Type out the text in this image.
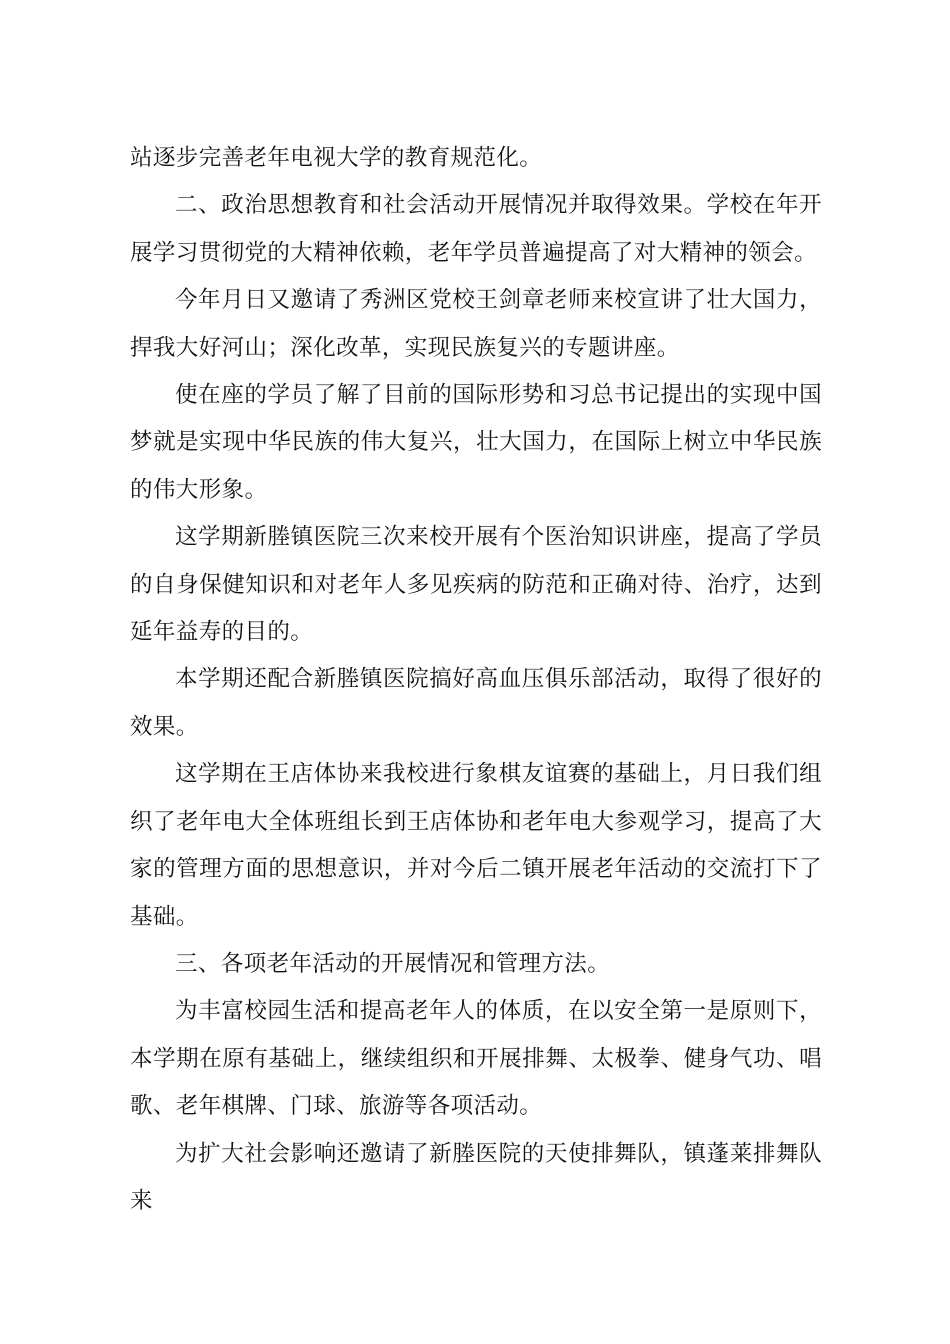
站逐步完善老年电视大学的教育规范化。

二、政治思想教育和社会活动开展情况并取得效果。学校在年开展学习贯彻党的大精神依赖，老年学员普遍提高了对大精神的领会。

今年月日又邀请了秀洲区党校王剑章老师来校宣讲了壮大国力，捍我大好河山；深化改革，实现民族复兴的专题讲座。

使在座的学员了解了目前的国际形势和习总书记提出的实现中国梦就是实现中华民族的伟大复兴，壮大国力，在国际上树立中华民族的伟大形象。

这学期新塍镇医院三次来校开展有个医治知识讲座，提高了学员的自身保健知识和对老年人多见疾病的防范和正确对待、治疗，达到延年益寿的目的。

本学期还配合新塍镇医院搞好高血压俱乐部活动，取得了很好的效果。

这学期在王店体协来我校进行象棋友谊赛的基础上，月日我们组织了老年电大全体班组长到王店体协和老年电大参观学习，提高了大家的管理方面的思想意识，并对今后二镇开展老年活动的交流打下了基础。

三、各项老年活动的开展情况和管理方法。

为丰富校园生活和提高老年人的体质，在以安全第一是原则下，本学期在原有基础上，继续组织和开展排舞、太极拳、健身气功、唱歌、老年棋牌、门球、旅游等各项活动。

为扩大社会影响还邀请了新塍医院的天使排舞队，镇蓬莱排舞队来
